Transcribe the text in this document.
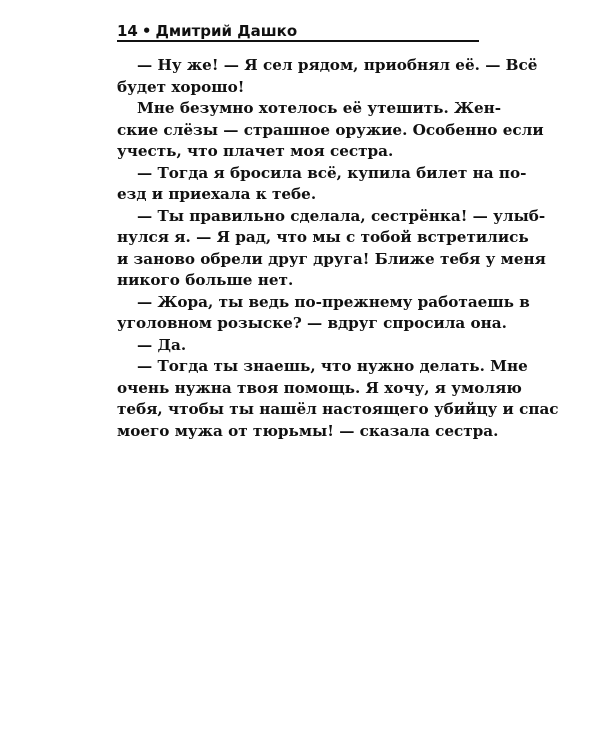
14 • Дмитрий Дашко
— Ну же! — Я сел рядом, приобнял её. — Всё
будет хорошо!
Мне безумно хотелось её утешить. Жен-
ские слёзы — страшное оружие. Особенно если
учесть, что плачет моя сестра.
— Тогда я бросила всё, купила билет на по-
езд и приехала к тебе.
— Ты правильно сделала, сестрёнка! — улыб-
нулся я. — Я рад, что мы с тобой встретились
и заново обрели друг друга! Ближе тебя у меня
никого больше нет.
— Жора, ты ведь по-прежнему работаешь в
уголовном розыске? — вдруг спросила она.
— Да.
— Тогда ты знаешь, что нужно делать. Мне
очень нужна твоя помощь. Я хочу, я умоляю
тебя, чтобы ты нашёл настоящего убийцу и спас
моего мужа от тюрьмы! — сказала сестра.
